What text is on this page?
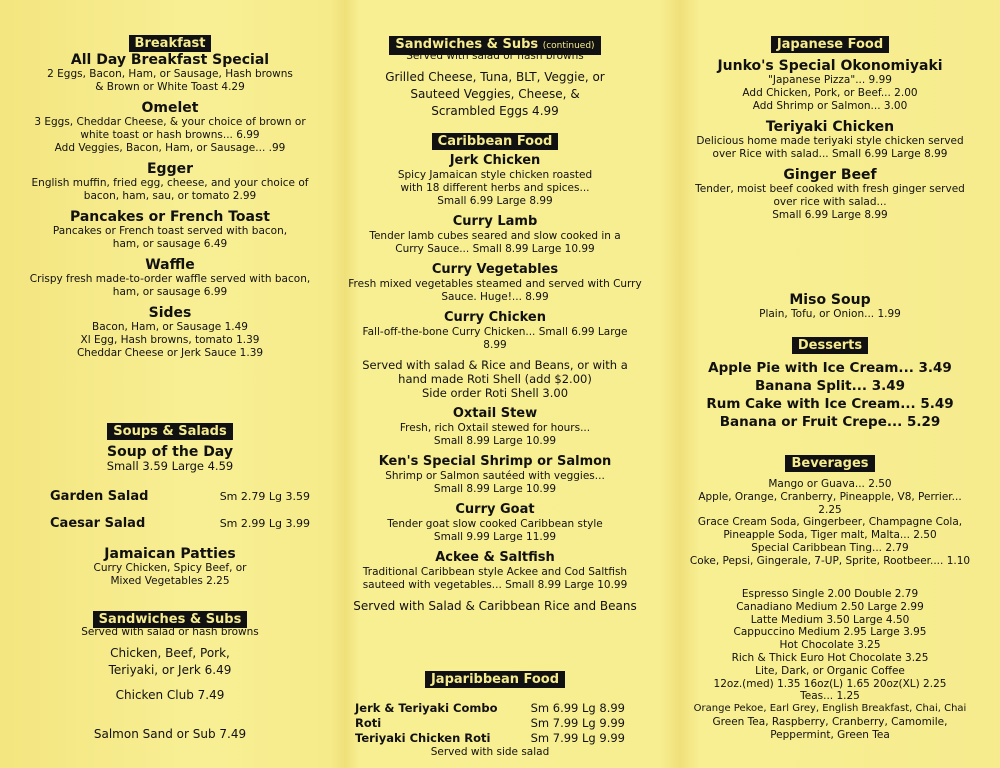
Breakfast
All Day Breakfast Special
2 Eggs, Bacon, Ham, or Sausage, Hash browns
& Brown or White Toast 4.29
Omelet
3 Eggs, Cheddar Cheese, & your choice of brown or
white toast or hash browns... 6.99
Add Veggies, Bacon, Ham, or Sausage... .99
Egger
English muffin, fried egg, cheese, and your choice of
bacon, ham, sau, or tomato 2.99
Pancakes or French Toast
Pancakes or French toast served with bacon,
ham, or sausage 6.49
Waffle
Crispy fresh made-to-order waffle served with bacon,
ham, or sausage 6.99
Sides
Bacon, Ham, or Sausage 1.49
Xl Egg, Hash browns, tomato 1.39
Cheddar Cheese or Jerk Sauce 1.39
Soups & Salads
Soup of the Day
Small 3.59 Large 4.59
Garden Salad	Sm 2.79 Lg 3.59
Caesar Salad	Sm 2.99 Lg 3.99
Jamaican Patties
Curry Chicken, Spicy Beef, or
Mixed Vegetables 2.25
Sandwiches & Subs
Served with salad or hash browns
Chicken, Beef, Pork,
Teriyaki, or Jerk 6.49
Chicken Club 7.49
Salmon Sand or Sub 7.49
Sandwiches & Subs (continued)
Served with salad or hash browns
Grilled Cheese, Tuna, BLT, Veggie, or
Sauteed Veggies, Cheese, &
Scrambled Eggs 4.99
Caribbean Food
Jerk Chicken
Spicy Jamaican style chicken roasted
with 18 different herbs and spices...
Small 6.99 Large 8.99
Curry Lamb
Tender lamb cubes seared and slow cooked in a
Curry Sauce... Small 8.99 Large 10.99
Curry Vegetables
Fresh mixed vegetables steamed and served with Curry
Sauce. Huge!... 8.99
Curry Chicken
Fall-off-the-bone Curry Chicken... Small 6.99 Large
8.99
Served with salad & Rice and Beans, or with a
hand made Roti Shell (add $2.00)
Side order Roti Shell 3.00
Oxtail Stew
Fresh, rich Oxtail stewed for hours...
Small 8.99 Large 10.99
Ken's Special Shrimp or Salmon
Shrimp or Salmon sautéed with veggies...
Small 8.99 Large 10.99
Curry Goat
Tender goat slow cooked Caribbean style
Small 9.99 Large 11.99
Ackee & Saltfish
Traditional Caribbean style Ackee and Cod Saltfish
sauteed with vegetables... Small 8.99 Large 10.99
Served with Salad & Caribbean Rice and Beans
Japaribbean Food
Jerk & Teriyaki Combo	Sm 6.99 Lg 8.99
Roti	Sm 7.99 Lg 9.99
Teriyaki Chicken Roti	Sm 7.99 Lg 9.99
Served with side salad
Japanese Food
Junko's Special Okonomiyaki
"Japanese Pizza"... 9.99
Add Chicken, Pork, or Beef... 2.00
Add Shrimp or Salmon... 3.00
Teriyaki Chicken
Delicious home made teriyaki style chicken served
over Rice with salad... Small 6.99 Large 8.99
Ginger Beef
Tender, moist beef cooked with fresh ginger served
over rice with salad...
Small 6.99 Large 8.99
Miso Soup
Plain, Tofu, or Onion... 1.99
Desserts
Apple Pie with Ice Cream... 3.49
Banana Split... 3.49
Rum Cake with Ice Cream... 5.49
Banana or Fruit Crepe... 5.29
Beverages
Mango or Guava... 2.50
Apple, Orange, Cranberry, Pineapple, V8, Perrier...
2.25
Grace Cream Soda, Gingerbeer, Champagne Cola,
Pineapple Soda, Tiger malt, Malta... 2.50
Special Caribbean Ting... 2.79
Coke, Pepsi, Gingerale, 7-UP, Sprite, Rootbeer.... 1.10
Espresso Single 2.00 Double 2.79
Canadiano Medium 2.50 Large 2.99
Latte Medium 3.50 Large 4.50
Cappuccino Medium 2.95 Large 3.95
Hot Chocolate 3.25
Rich & Thick Euro Hot Chocolate 3.25
Lite, Dark, or Organic Coffee
12oz.(med) 1.35 16oz(L) 1.65 20oz(XL) 2.25
Teas... 1.25
Orange Pekoe, Earl Grey, English Breakfast, Chai, Chai
Green Tea, Raspberry, Cranberry, Camomile,
Peppermint, Green Tea
